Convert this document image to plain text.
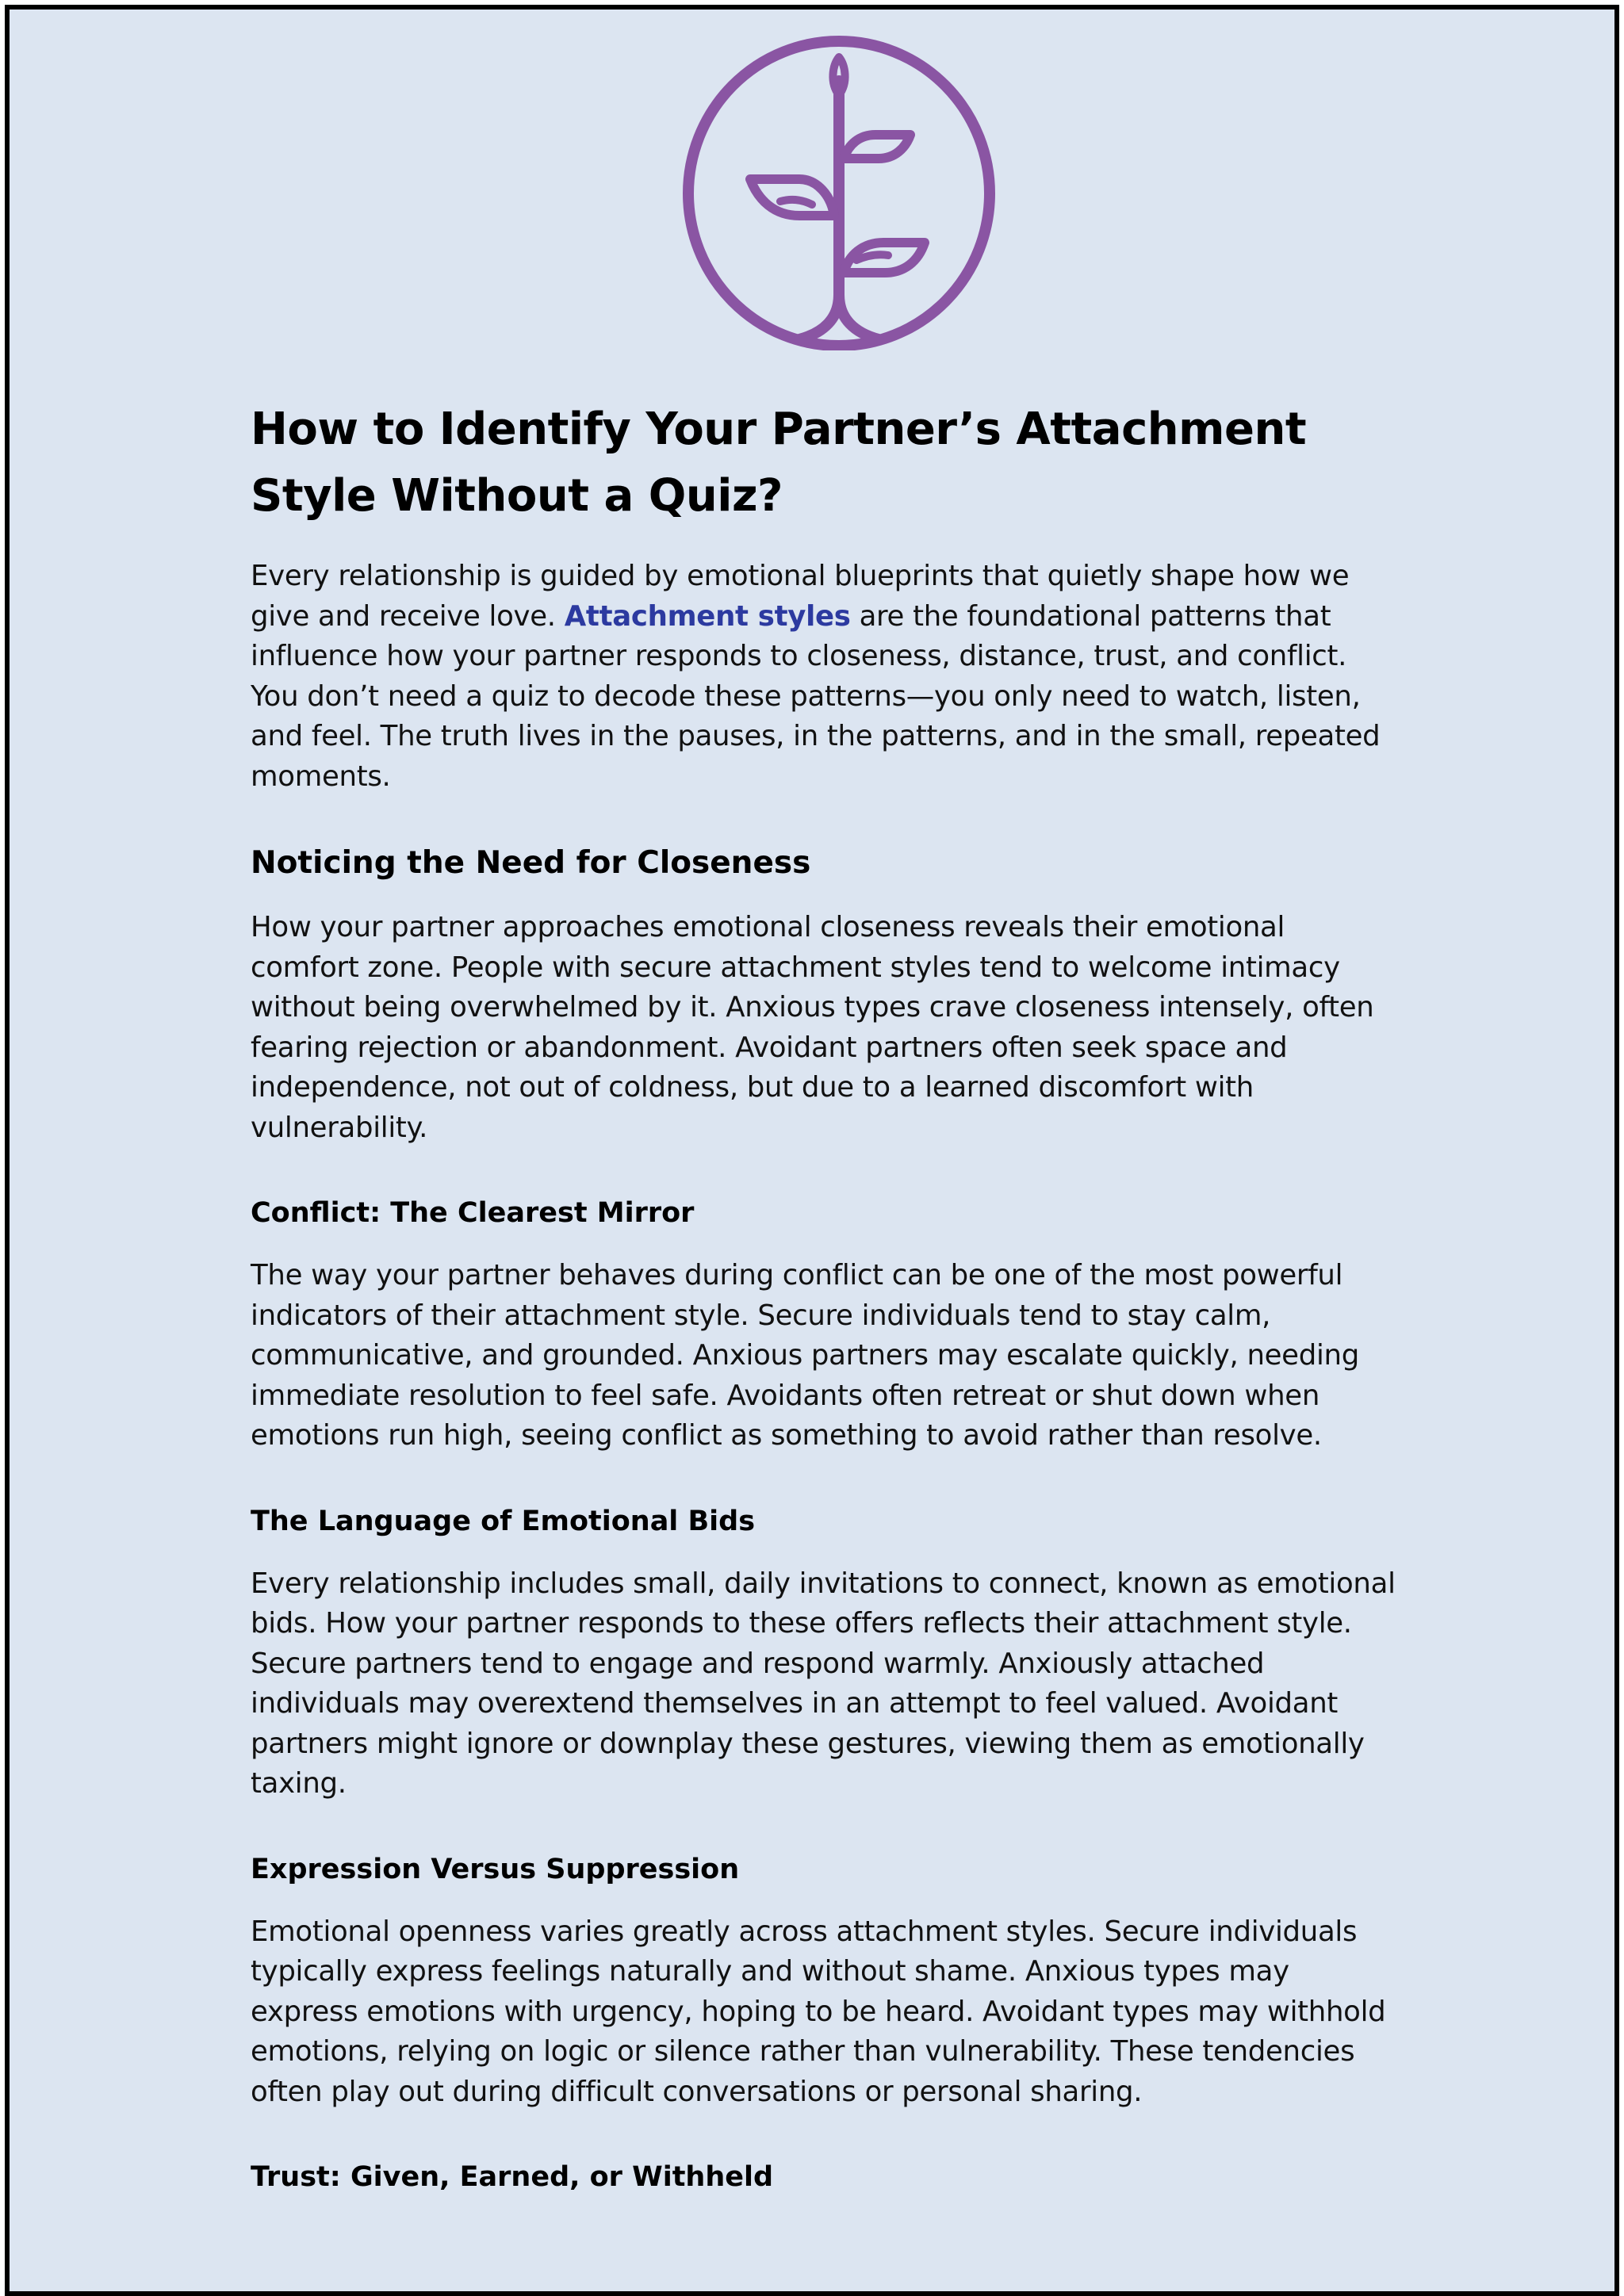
How to Identify Your Partner’s Attachment Style Without a Quiz?

Every relationship is guided by emotional blueprints that quietly shape how we give and receive love. Attachment styles are the foundational patterns that influence how your partner responds to closeness, distance, trust, and conflict. You don’t need a quiz to decode these patterns—you only need to watch, listen, and feel. The truth lives in the pauses, in the patterns, and in the small, repeated moments.

Noticing the Need for Closeness

How your partner approaches emotional closeness reveals their emotional comfort zone. People with secure attachment styles tend to welcome intimacy without being overwhelmed by it. Anxious types crave closeness intensely, often fearing rejection or abandonment. Avoidant partners often seek space and independence, not out of coldness, but due to a learned discomfort with vulnerability.

Conflict: The Clearest Mirror

The way your partner behaves during conflict can be one of the most powerful indicators of their attachment style. Secure individuals tend to stay calm, communicative, and grounded. Anxious partners may escalate quickly, needing immediate resolution to feel safe. Avoidants often retreat or shut down when emotions run high, seeing conflict as something to avoid rather than resolve.

The Language of Emotional Bids

Every relationship includes small, daily invitations to connect, known as emotional bids. How your partner responds to these offers reflects their attachment style. Secure partners tend to engage and respond warmly. Anxiously attached individuals may overextend themselves in an attempt to feel valued. Avoidant partners might ignore or downplay these gestures, viewing them as emotionally taxing.

Expression Versus Suppression

Emotional openness varies greatly across attachment styles. Secure individuals typically express feelings naturally and without shame. Anxious types may express emotions with urgency, hoping to be heard. Avoidant types may withhold emotions, relying on logic or silence rather than vulnerability. These tendencies often play out during difficult conversations or personal sharing.

Trust: Given, Earned, or Withheld
